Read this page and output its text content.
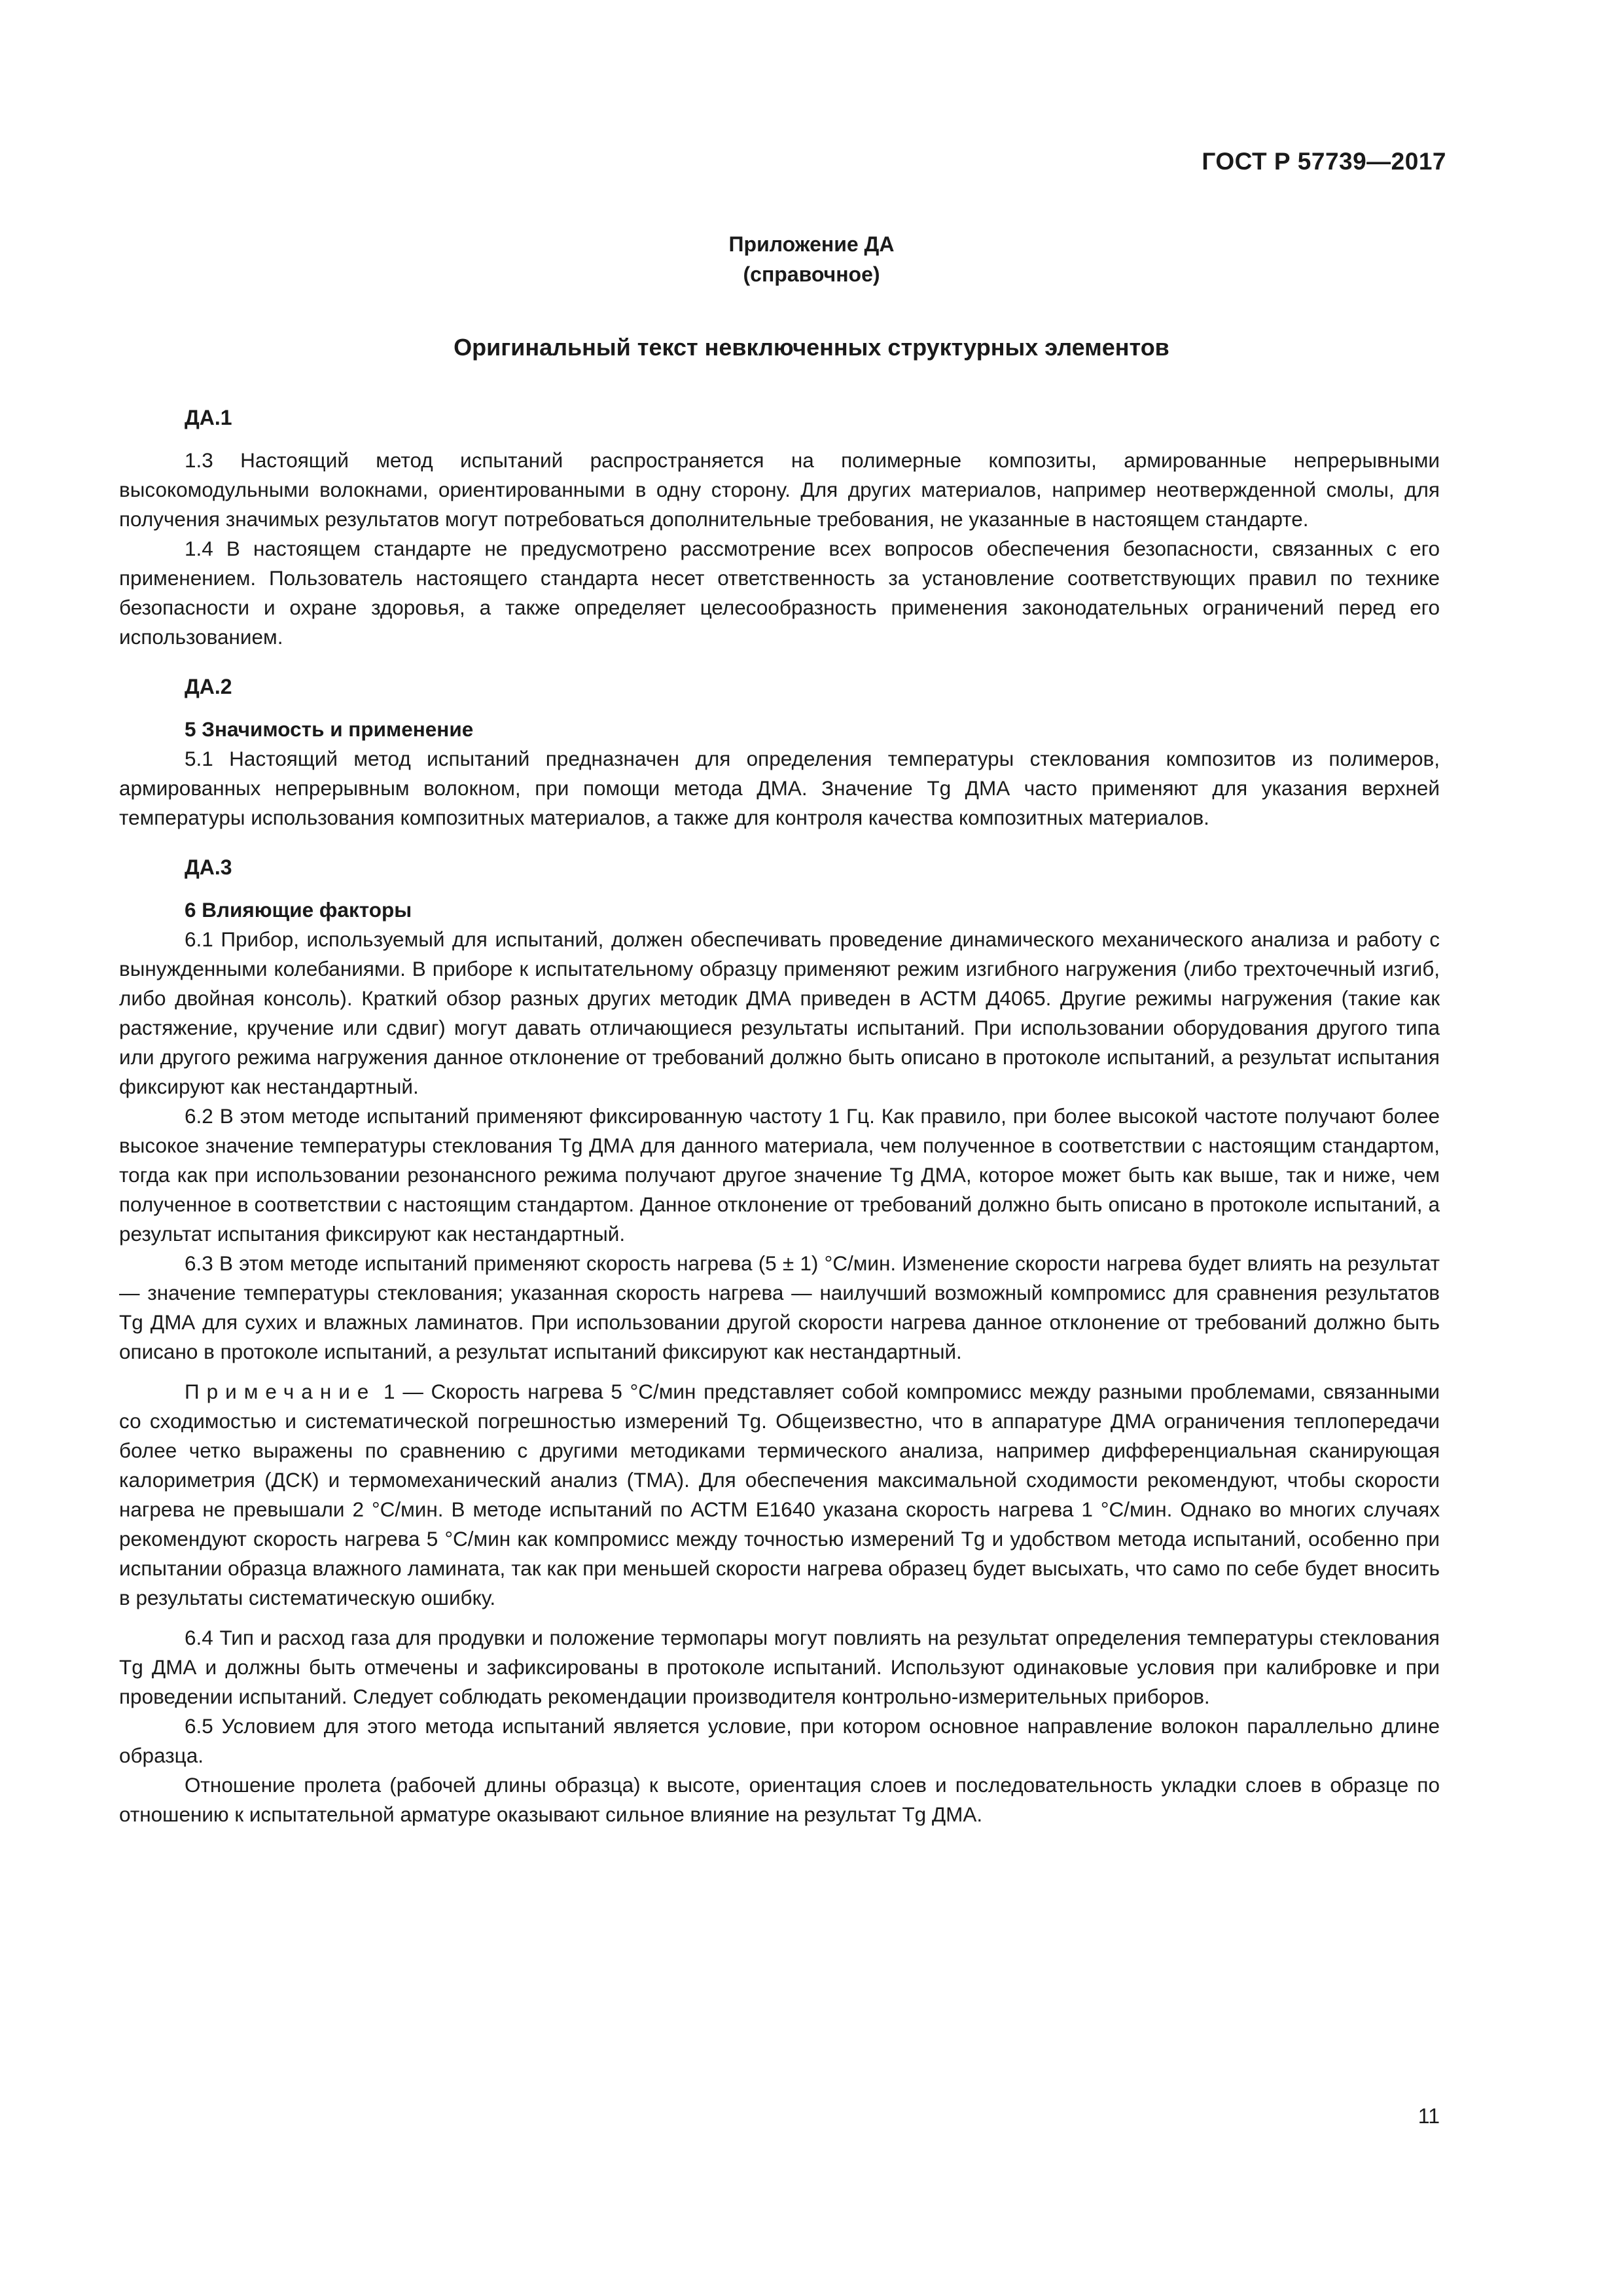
ГОСТ Р 57739—2017
Приложение ДА
(справочное)
Оригинальный текст невключенных структурных элементов
ДА.1

1.3 Настоящий метод испытаний распространяется на полимерные композиты, армированные непрерывными высокомодульными волокнами, ориентированными в одну сторону. Для других материалов, например неотвержденной смолы, для получения значимых результатов могут потребоваться дополнительные требования, не указанные в настоящем стандарте.

1.4 В настоящем стандарте не предусмотрено рассмотрение всех вопросов обеспечения безопасности, связанных с его применением. Пользователь настоящего стандарта несет ответственность за установление соответствующих правил по технике безопасности и охране здоровья, а также определяет целесообразность применения законодательных ограничений перед его использованием.

ДА.2
5 Значимость и применение

5.1 Настоящий метод испытаний предназначен для определения температуры стеклования композитов из полимеров, армированных непрерывным волокном, при помощи метода ДМА. Значение Tg ДМА часто применяют для указания верхней температуры использования композитных материалов, а также для контроля качества композитных материалов.

ДА.3
6 Влияющие факторы

6.1 Прибор, используемый для испытаний, должен обеспечивать проведение динамического механического анализа и работу с вынужденными колебаниями. В приборе к испытательному образцу применяют режим изгибного нагружения (либо трехточечный изгиб, либо двойная консоль). Краткий обзор разных других методик ДМА приведен в АСТМ Д4065. Другие режимы нагружения (такие как растяжение, кручение или сдвиг) могут давать отличающиеся результаты испытаний. При использовании оборудования другого типа или другого режима нагружения данное отклонение от требований должно быть описано в протоколе испытаний, а результат испытания фиксируют как нестандартный.

6.2 В этом методе испытаний применяют фиксированную частоту 1 Гц. Как правило, при более высокой частоте получают более высокое значение температуры стеклования Tg ДМА для данного материала, чем полученное в соответствии с настоящим стандартом, тогда как при использовании резонансного режима получают другое значение Tg ДМА, которое может быть как выше, так и ниже, чем полученное в соответствии с настоящим стандартом. Данное отклонение от требований должно быть описано в протоколе испытаний, а результат испытания фиксируют как нестандартный.

6.3 В этом методе испытаний применяют скорость нагрева (5 ± 1) °С/мин. Изменение скорости нагрева будет влиять на результат — значение температуры стеклования; указанная скорость нагрева — наилучший возможный компромисс для сравнения результатов Tg ДМА для сухих и влажных ламинатов. При использовании другой скорости нагрева данное отклонение от требований должно быть описано в протоколе испытаний, а результат испытаний фиксируют как нестандартный.

Примечание 1 — Скорость нагрева 5 °С/мин представляет собой компромисс между разными проблемами, связанными со сходимостью и систематической погрешностью измерений Tg. Общеизвестно, что в аппаратуре ДМА ограничения теплопередачи более четко выражены по сравнению с другими методиками термического анализа, например дифференциальная сканирующая калориметрия (ДСК) и термомеханический анализ (ТМА). Для обеспечения максимальной сходимости рекомендуют, чтобы скорости нагрева не превышали 2 °С/мин. В методе испытаний по АСТМ Е1640 указана скорость нагрева 1 °С/мин. Однако во многих случаях рекомендуют скорость нагрева 5 °С/мин как компромисс между точностью измерений Tg и удобством метода испытаний, особенно при испытании образца влажного ламината, так как при меньшей скорости нагрева образец будет высыхать, что само по себе будет вносить в результаты систематическую ошибку.

6.4 Тип и расход газа для продувки и положение термопары могут повлиять на результат определения температуры стеклования Tg ДМА и должны быть отмечены и зафиксированы в протоколе испытаний. Используют одинаковые условия при калибровке и при проведении испытаний. Следует соблюдать рекомендации производителя контрольно-измерительных приборов.

6.5 Условием для этого метода испытаний является условие, при котором основное направление волокон параллельно длине образца.

Отношение пролета (рабочей длины образца) к высоте, ориентация слоев и последовательность укладки слоев в образце по отношению к испытательной арматуре оказывают сильное влияние на результат Tg ДМА.

11
